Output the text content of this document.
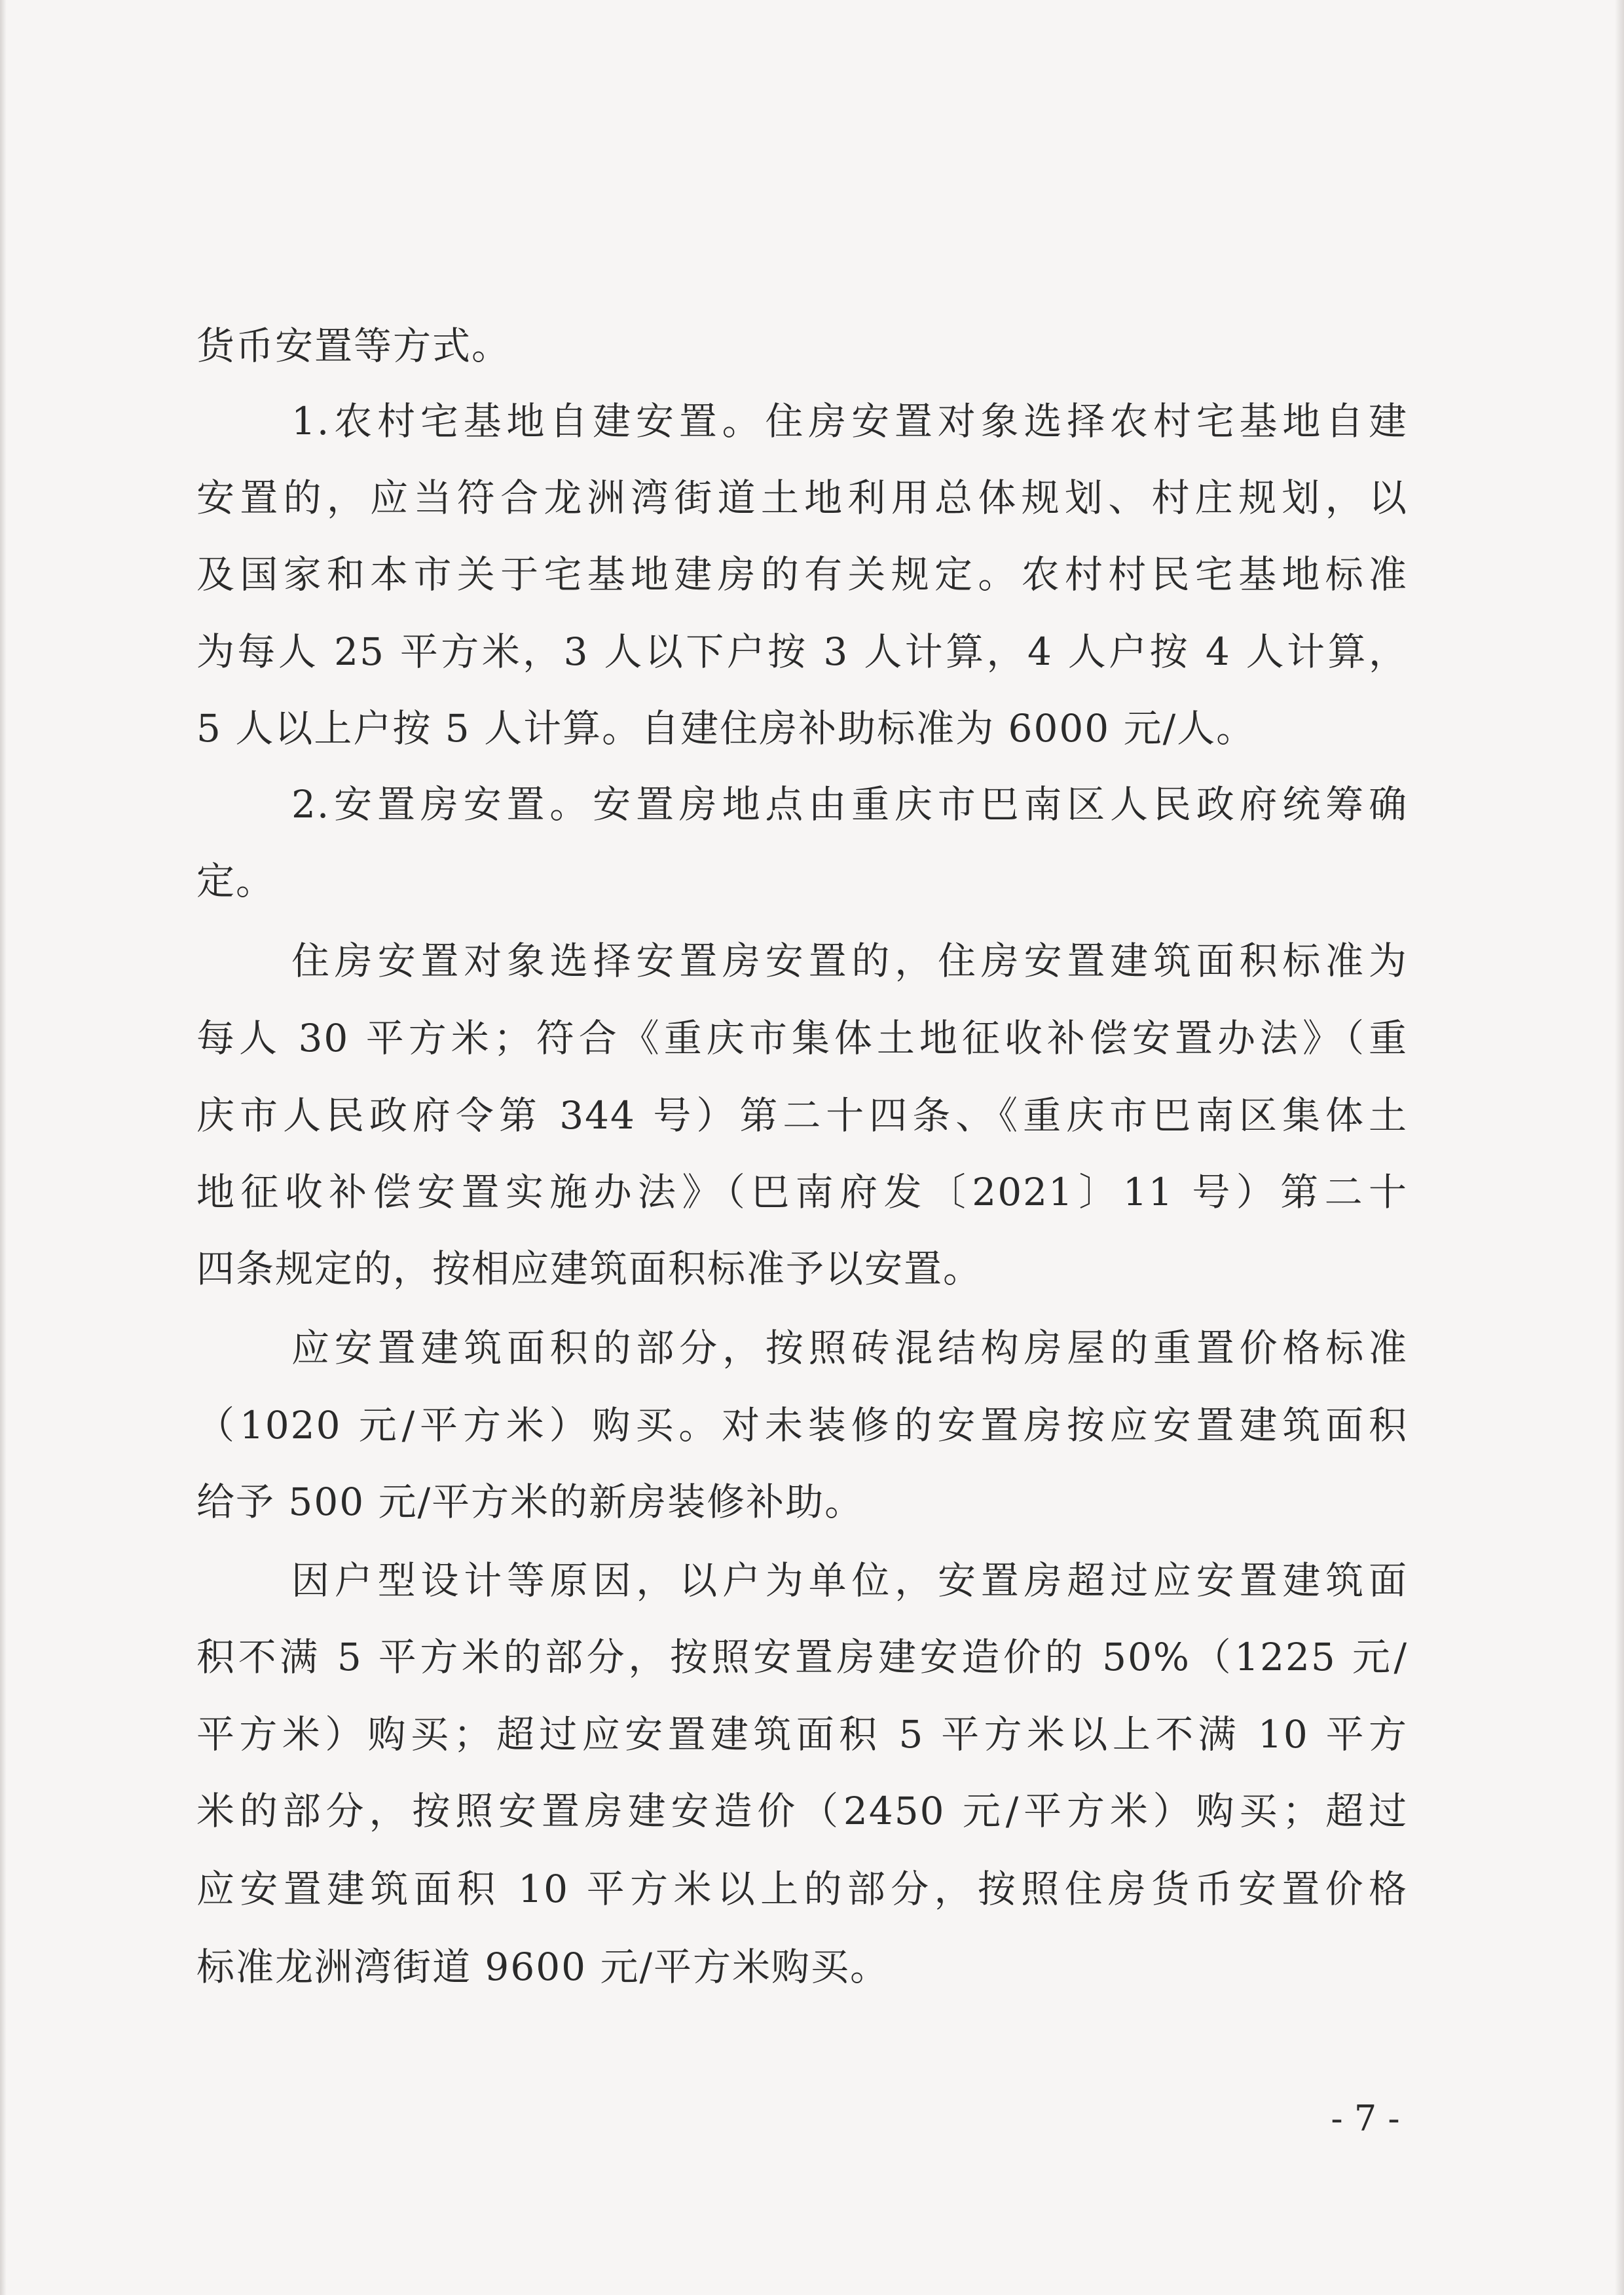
货币安置等方式。
1.农村宅基地自建安置。住房安置对象选择农村宅基地自建
安置的，应当符合龙洲湾街道土地利用总体规划、村庄规划，以
及国家和本市关于宅基地建房的有关规定。农村村民宅基地标准
为每人 25 平方米，3 人以下户按 3 人计算，4 人户按 4 人计算，
5 人以上户按 5 人计算。自建住房补助标准为 6000 元/人。
2.安置房安置。安置房地点由重庆市巴南区人民政府统筹确
定。
住房安置对象选择安置房安置的，住房安置建筑面积标准为
每人 30 平方米；符合《重庆市集体土地征收补偿安置办法》（重
庆市人民政府令第 344 号）第二十四条、《重庆市巴南区集体土
地征收补偿安置实施办法》（巴南府发〔2021〕11 号）第二十
四条规定的，按相应建筑面积标准予以安置。
应安置建筑面积的部分，按照砖混结构房屋的重置价格标准
（1020 元/平方米）购买。对未装修的安置房按应安置建筑面积
给予 500 元/平方米的新房装修补助。
因户型设计等原因，以户为单位，安置房超过应安置建筑面
积不满 5 平方米的部分，按照安置房建安造价的 50%（1225 元/
平方米）购买；超过应安置建筑面积 5 平方米以上不满 10 平方
米的部分，按照安置房建安造价（2450 元/平方米）购买；超过
应安置建筑面积 10 平方米以上的部分，按照住房货币安置价格
标准龙洲湾街道 9600 元/平方米购买。
- 7 -
